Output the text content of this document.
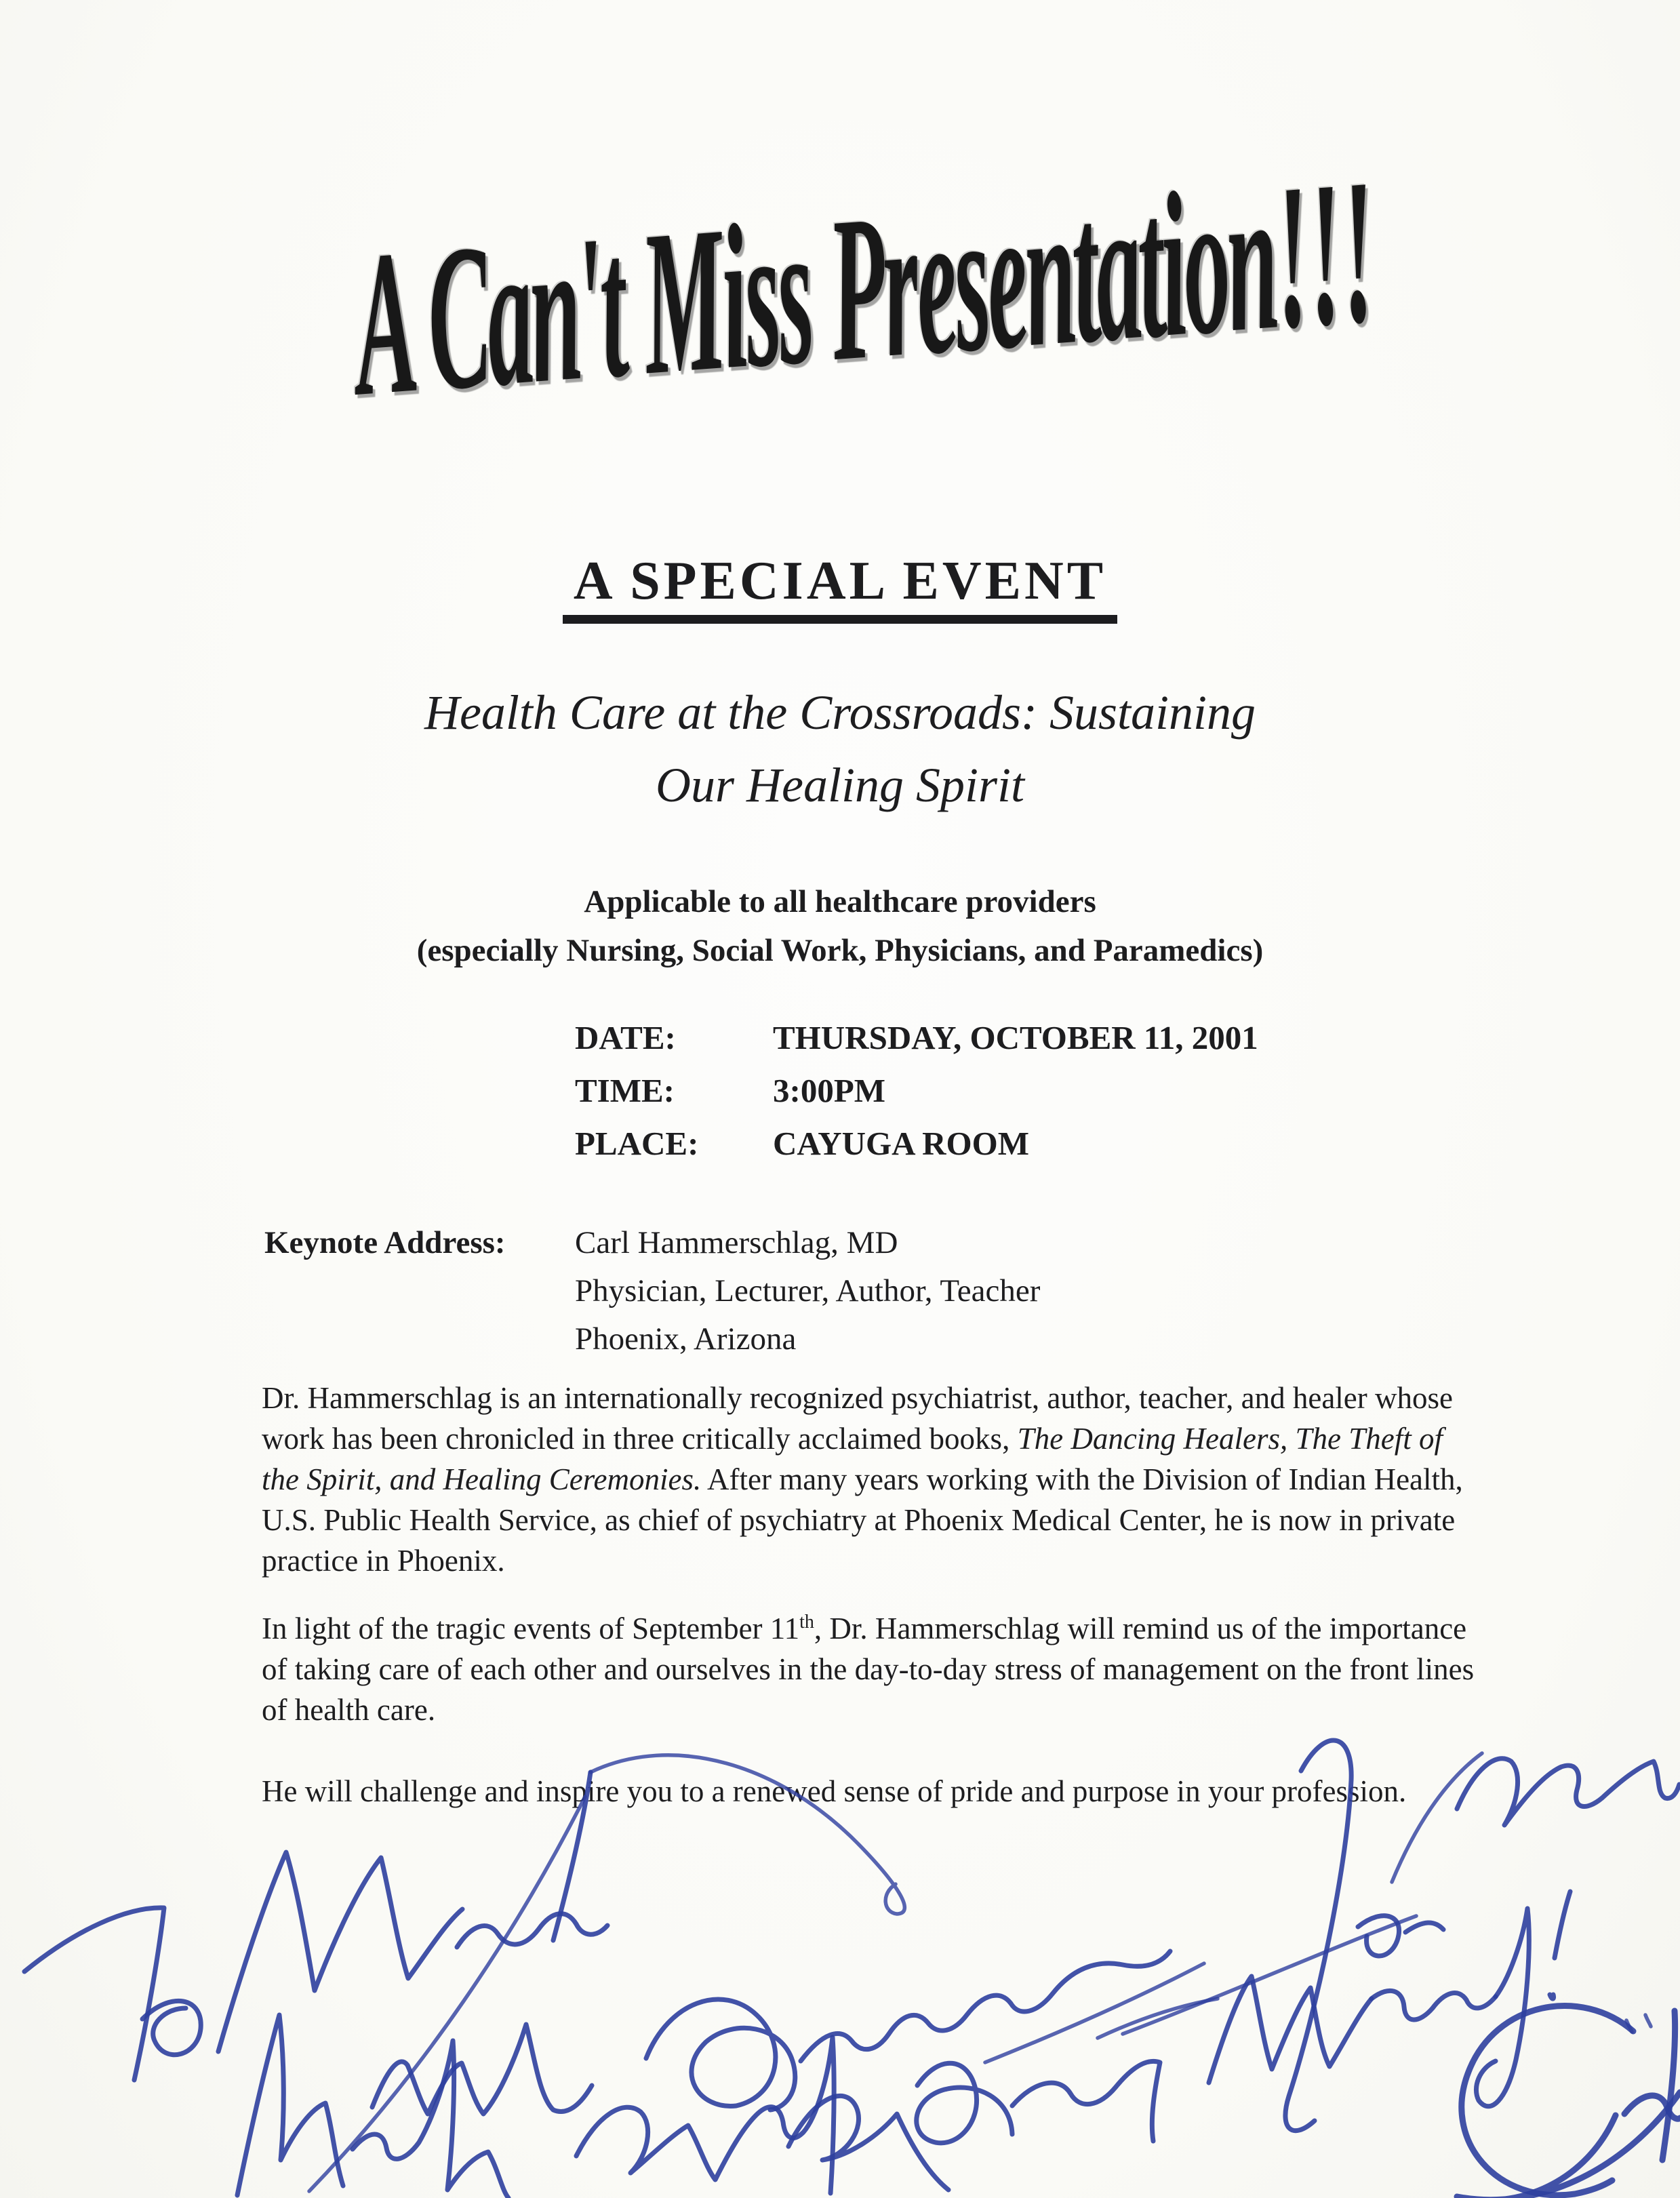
A Can't Miss Presentation!!!
A SPECIAL EVENT
Health Care at the Crossroads: Sustaining
Our Healing Spirit
Applicable to all healthcare providers
(especially Nursing, Social Work, Physicians, and Paramedics)
DATE:	THURSDAY, OCTOBER 11, 2001
TIME:	3:00PM
PLACE:	CAYUGA ROOM
Keynote Address:	Carl Hammerschlag, MD
Physician, Lecturer, Author, Teacher
Phoenix, Arizona
Dr. Hammerschlag is an internationally recognized psychiatrist, author, teacher, and healer whose work has been chronicled in three critically acclaimed books, The Dancing Healers, The Theft of the Spirit, and Healing Ceremonies. After many years working with the Division of Indian Health, U.S. Public Health Service, as chief of psychiatry at Phoenix Medical Center, he is now in private practice in Phoenix.
In light of the tragic events of September 11th, Dr. Hammerschlag will remind us of the importance of taking care of each other and ourselves in the day-to-day stress of management on the front lines of health care.
He will challenge and inspire you to a renewed sense of pride and purpose in your profession.
